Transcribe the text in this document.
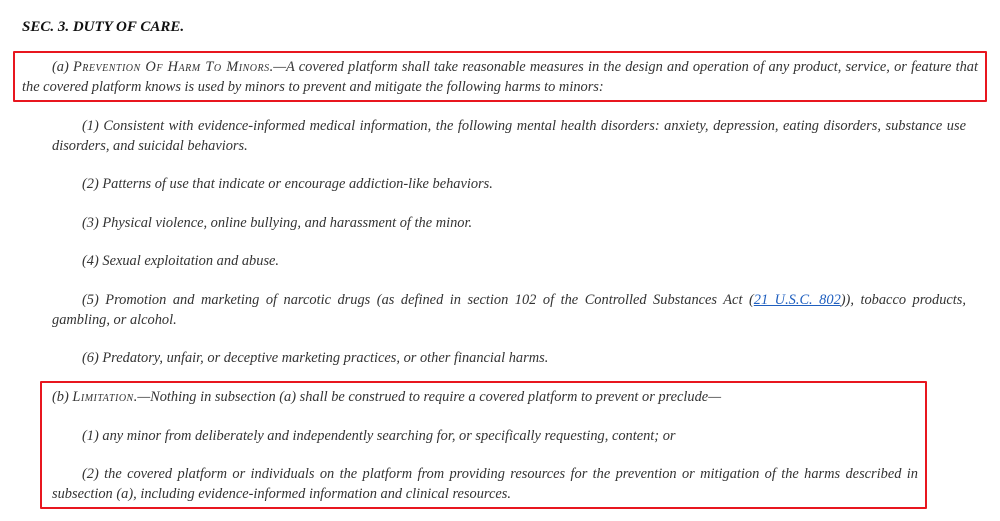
SEC. 3. DUTY OF CARE.

(a) Prevention Of Harm To Minors.—A covered platform shall take reasonable measures in the design and operation of any product, service, or feature that the covered platform knows is used by minors to prevent and mitigate the following harms to minors:

(1) Consistent with evidence-informed medical information, the following mental health disorders: anxiety, depression, eating disorders, substance use disorders, and suicidal behaviors.

(2) Patterns of use that indicate or encourage addiction-like behaviors.

(3) Physical violence, online bullying, and harassment of the minor.

(4) Sexual exploitation and abuse.

(5) Promotion and marketing of narcotic drugs (as defined in section 102 of the Controlled Substances Act (21 U.S.C. 802)), tobacco products, gambling, or alcohol.

(6) Predatory, unfair, or deceptive marketing practices, or other financial harms.

(b) Limitation.—Nothing in subsection (a) shall be construed to require a covered platform to prevent or preclude—

(1) any minor from deliberately and independently searching for, or specifically requesting, content; or

(2) the covered platform or individuals on the platform from providing resources for the prevention or mitigation of the harms described in subsection (a), including evidence-informed information and clinical resources.
